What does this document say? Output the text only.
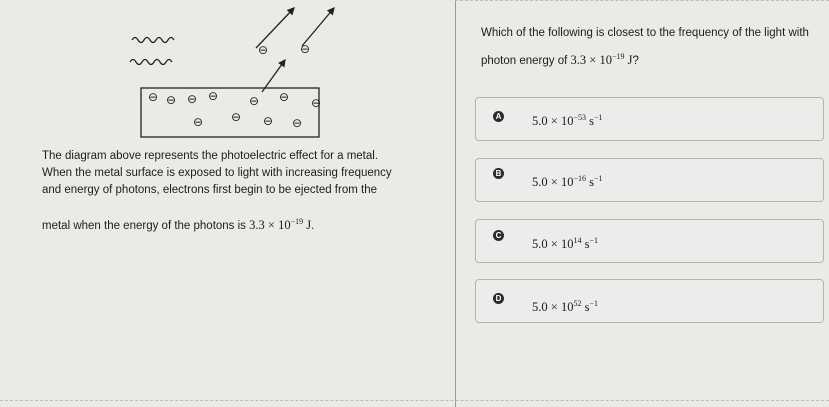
⊖	⊖
⊖ ⊖ ⊖ ⊖	⊖ ⊖ ⊖
⊖ ⊖ ⊖ ⊖
The diagram above represents the photoelectric effect for a metal.
When the metal surface is exposed to light with increasing frequency
and energy of photons, electrons first begin to be ejected from the
metal when the energy of the photons is $3.3 \times 10^{-19}$ J.
Which of the following is closest to the frequency of the light with
photon energy of $3.3 \times 10^{-19}$ J?
A $5.0 \times 10^{-53}$ $s^{-1}$
B
$5.0 \times 10^{-16}$ $s^{-1}$
C
$5.0 \times 10^{14}$ $s^{-1}$
D
$5.0 \times 10^{52}$ $s^{-1}$
